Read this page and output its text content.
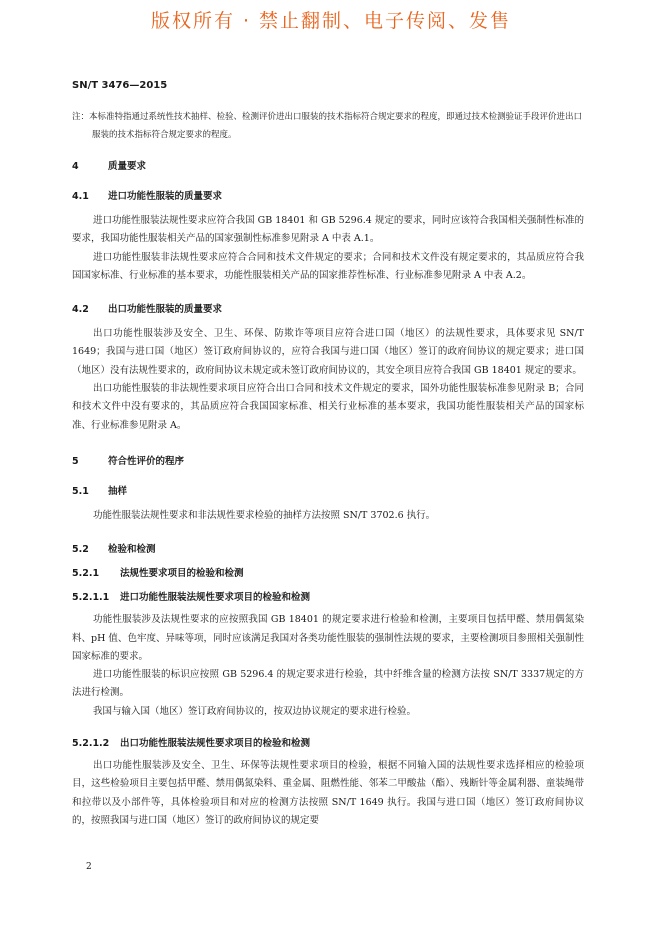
版权所有 · 禁止翻制、电子传阅、发售
SN/T 3476—2015

注：本标准特指通过系统性技术抽样、检验、检测评价进出口服装的技术指标符合规定要求的程度，即通过技术检测验证手段评价进出口服装的技术指标符合规定要求的程度。

4	质量要求
4.1 进口功能性服装的质量要求

进口功能性服装法规性要求应符合我国 GB 18401 和 GB 5296.4 规定的要求，同时应该符合我国相关强制性标准的要求，我国功能性服装相关产品的国家强制性标准参见附录 A 中表 A.1。

进口功能性服装非法规性要求应符合合同和技术文件规定的要求；合同和技术文件没有规定要求的，其品质应符合我国国家标准、行业标准的基本要求，功能性服装相关产品的国家推荐性标准、行业标准参见附录 A 中表 A.2。

4.2 出口功能性服装的质量要求

出口功能性服装涉及安全、卫生、环保、防欺诈等项目应符合进口国（地区）的法规性要求，具体要求见 SN/T 1649；我国与进口国（地区）签订政府间协议的，应符合我国与进口国（地区）签订的政府间协议的规定要求；进口国（地区）没有法规性要求的，政府间协议未规定或未签订政府间协议的，其安全项目应符合我国 GB 18401 规定的要求。

出口功能性服装的非法规性要求项目应符合出口合同和技术文件规定的要求，国外功能性服装标准参见附录 B；合同和技术文件中没有要求的，其品质应符合我国国家标准、相关行业标准的基本要求，我国功能性服装相关产品的国家标准、行业标准参见附录 A。

5	符合性评价的程序
5.1 抽样

功能性服装法规性要求和非法规性要求检验的抽样方法按照 SN/T 3702.6 执行。

5.2 检验和检测
5.2.1 法规性要求项目的检验和检测
5.2.1.1 进口功能性服装法规性要求项目的检验和检测

功能性服装涉及法规性要求的应按照我国 GB 18401 的规定要求进行检验和检测，主要项目包括甲醛、禁用偶氮染料、pH 值、色牢度、异味等项，同时应该满足我国对各类功能性服装的强制性法规的要求，主要检测项目参照相关强制性国家标准的要求。

进口功能性服装的标识应按照 GB 5296.4 的规定要求进行检验，其中纤维含量的检测方法按 SN/T 3337规定的方法进行检测。

我国与输入国（地区）签订政府间协议的，按双边协议规定的要求进行检验。

5.2.1.2 出口功能性服装法规性要求项目的检验和检测

出口功能性服装涉及安全、卫生、环保等法规性要求项目的检验，根据不同输入国的法规性要求选择相应的检验项目，这些检验项目主要包括甲醛、禁用偶氮染料、重金属、阻燃性能、邻苯二甲酸盐（酯）、残断针等金属利器、童装绳带和拉带以及小部件等，具体检验项目和对应的检测方法按照 SN/T 1649 执行。我国与进口国（地区）签订政府间协议的，按照我国与进口国（地区）签订的政府间协议的规定要

2
